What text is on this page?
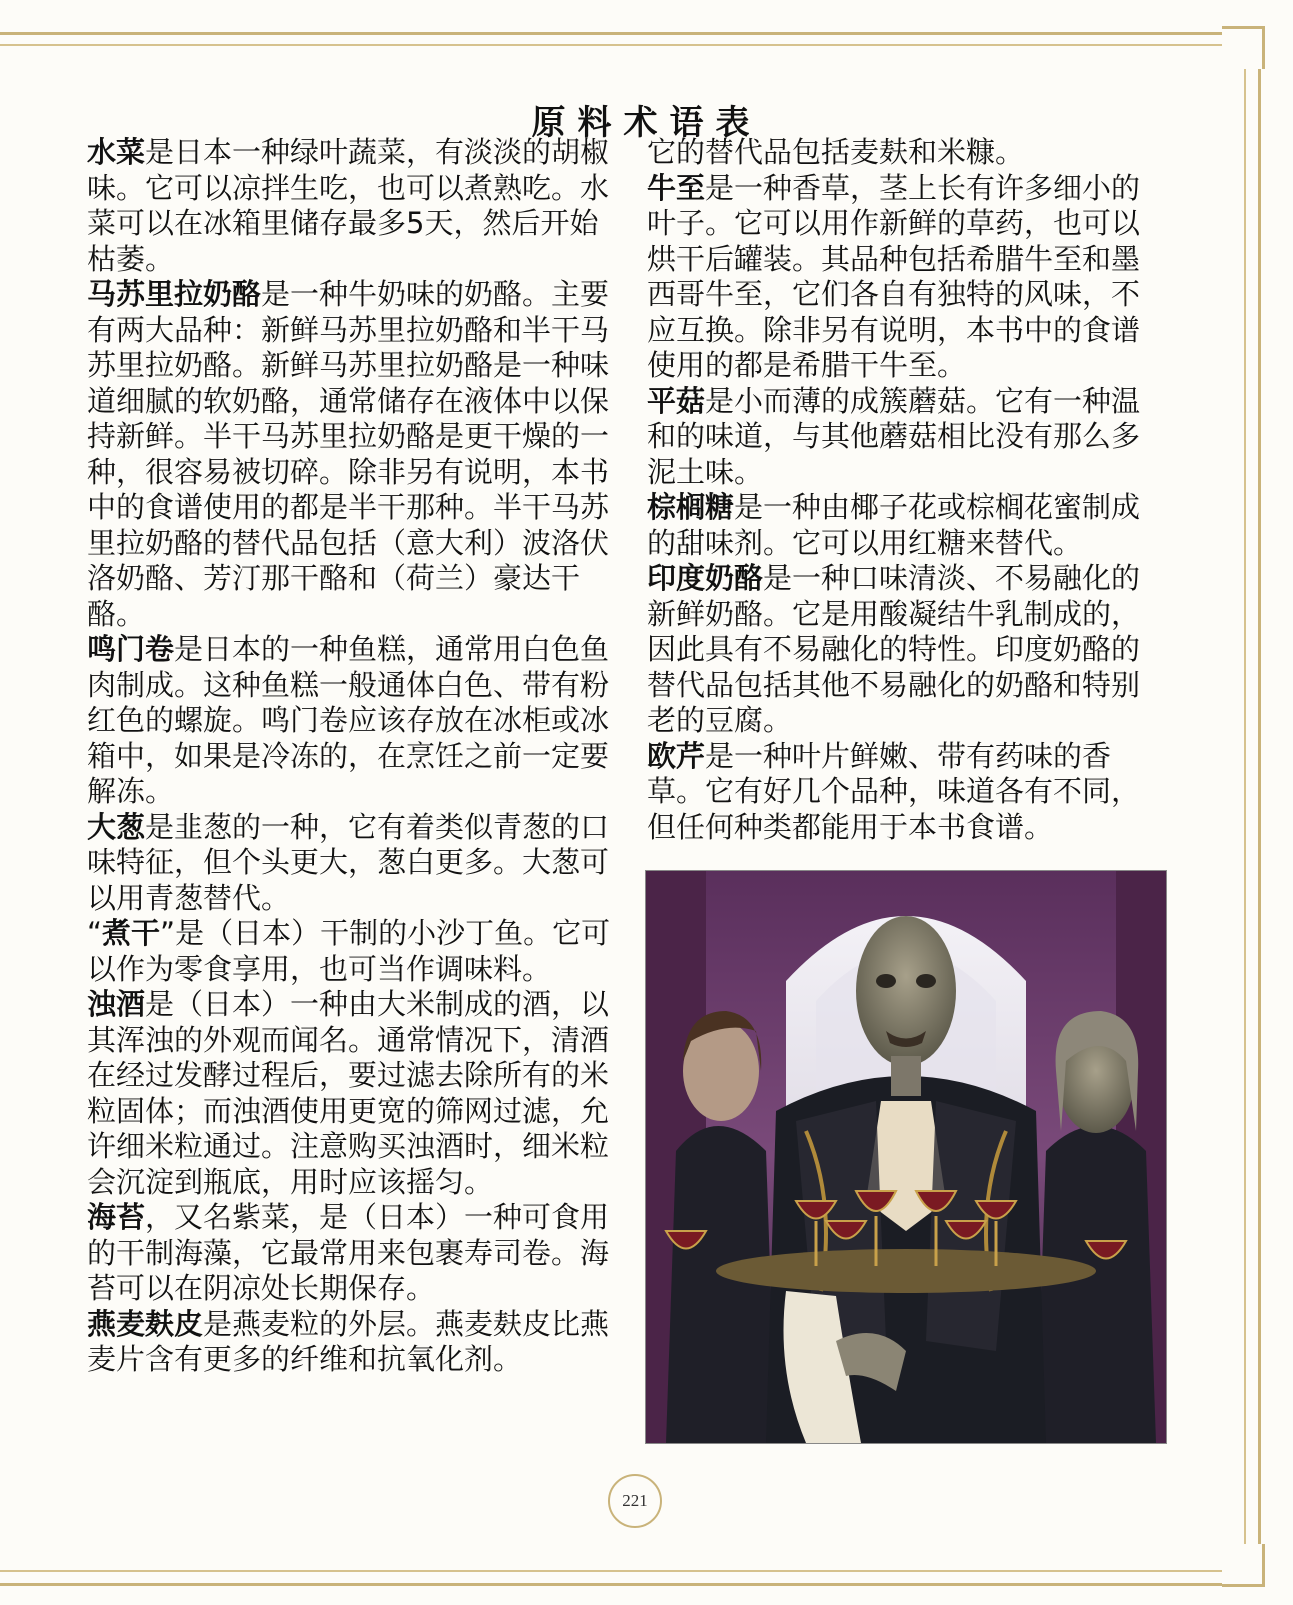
原料术语表

水菜是日本一种绿叶蔬菜，有淡淡的胡椒味。它可以凉拌生吃，也可以煮熟吃。水菜可以在冰箱里储存最多5天，然后开始枯萎。

马苏里拉奶酪是一种牛奶味的奶酪。主要有两大品种：新鲜马苏里拉奶酪和半干马苏里拉奶酪。新鲜马苏里拉奶酪是一种味道细腻的软奶酪，通常储存在液体中以保持新鲜。半干马苏里拉奶酪是更干燥的一种，很容易被切碎。除非另有说明，本书中的食谱使用的都是半干那种。半干马苏里拉奶酪的替代品包括（意大利）波洛伏洛奶酪、芳汀那干酪和（荷兰）豪达干酪。

鸣门卷是日本的一种鱼糕，通常用白色鱼肉制成。这种鱼糕一般通体白色、带有粉红色的螺旋。鸣门卷应该存放在冰柜或冰箱中，如果是冷冻的，在烹饪之前一定要解冻。

大葱是韭葱的一种，它有着类似青葱的口味特征，但个头更大，葱白更多。大葱可以用青葱替代。

“煮干”是（日本）干制的小沙丁鱼。它可以作为零食享用，也可当作调味料。

浊酒是（日本）一种由大米制成的酒，以其浑浊的外观而闻名。通常情况下，清酒在经过发酵过程后，要过滤去除所有的米粒固体；而浊酒使用更宽的筛网过滤，允许细米粒通过。注意购买浊酒时，细米粒会沉淀到瓶底，用时应该摇匀。

海苔，又名紫菜，是（日本）一种可食用的干制海藻，它最常用来包裹寿司卷。海苔可以在阴凉处长期保存。

燕麦麸皮是燕麦粒的外层。燕麦麸皮比燕麦片含有更多的纤维和抗氧化剂。

它的替代品包括麦麸和米糠。

牛至是一种香草，茎上长有许多细小的叶子。它可以用作新鲜的草药，也可以烘干后罐装。其品种包括希腊牛至和墨西哥牛至，它们各自有独特的风味，不应互换。除非另有说明，本书中的食谱使用的都是希腊干牛至。

平菇是小而薄的成簇蘑菇。它有一种温和的味道，与其他蘑菇相比没有那么多泥土味。

棕榈糖是一种由椰子花或棕榈花蜜制成的甜味剂。它可以用红糖来替代。

印度奶酪是一种口味清淡、不易融化的新鲜奶酪。它是用酸凝结牛乳制成的，因此具有不易融化的特性。印度奶酪的替代品包括其他不易融化的奶酪和特别老的豆腐。

欧芹是一种叶片鲜嫩、带有药味的香草。它有好几个品种，味道各有不同，但任何种类都能用于本书食谱。

221
